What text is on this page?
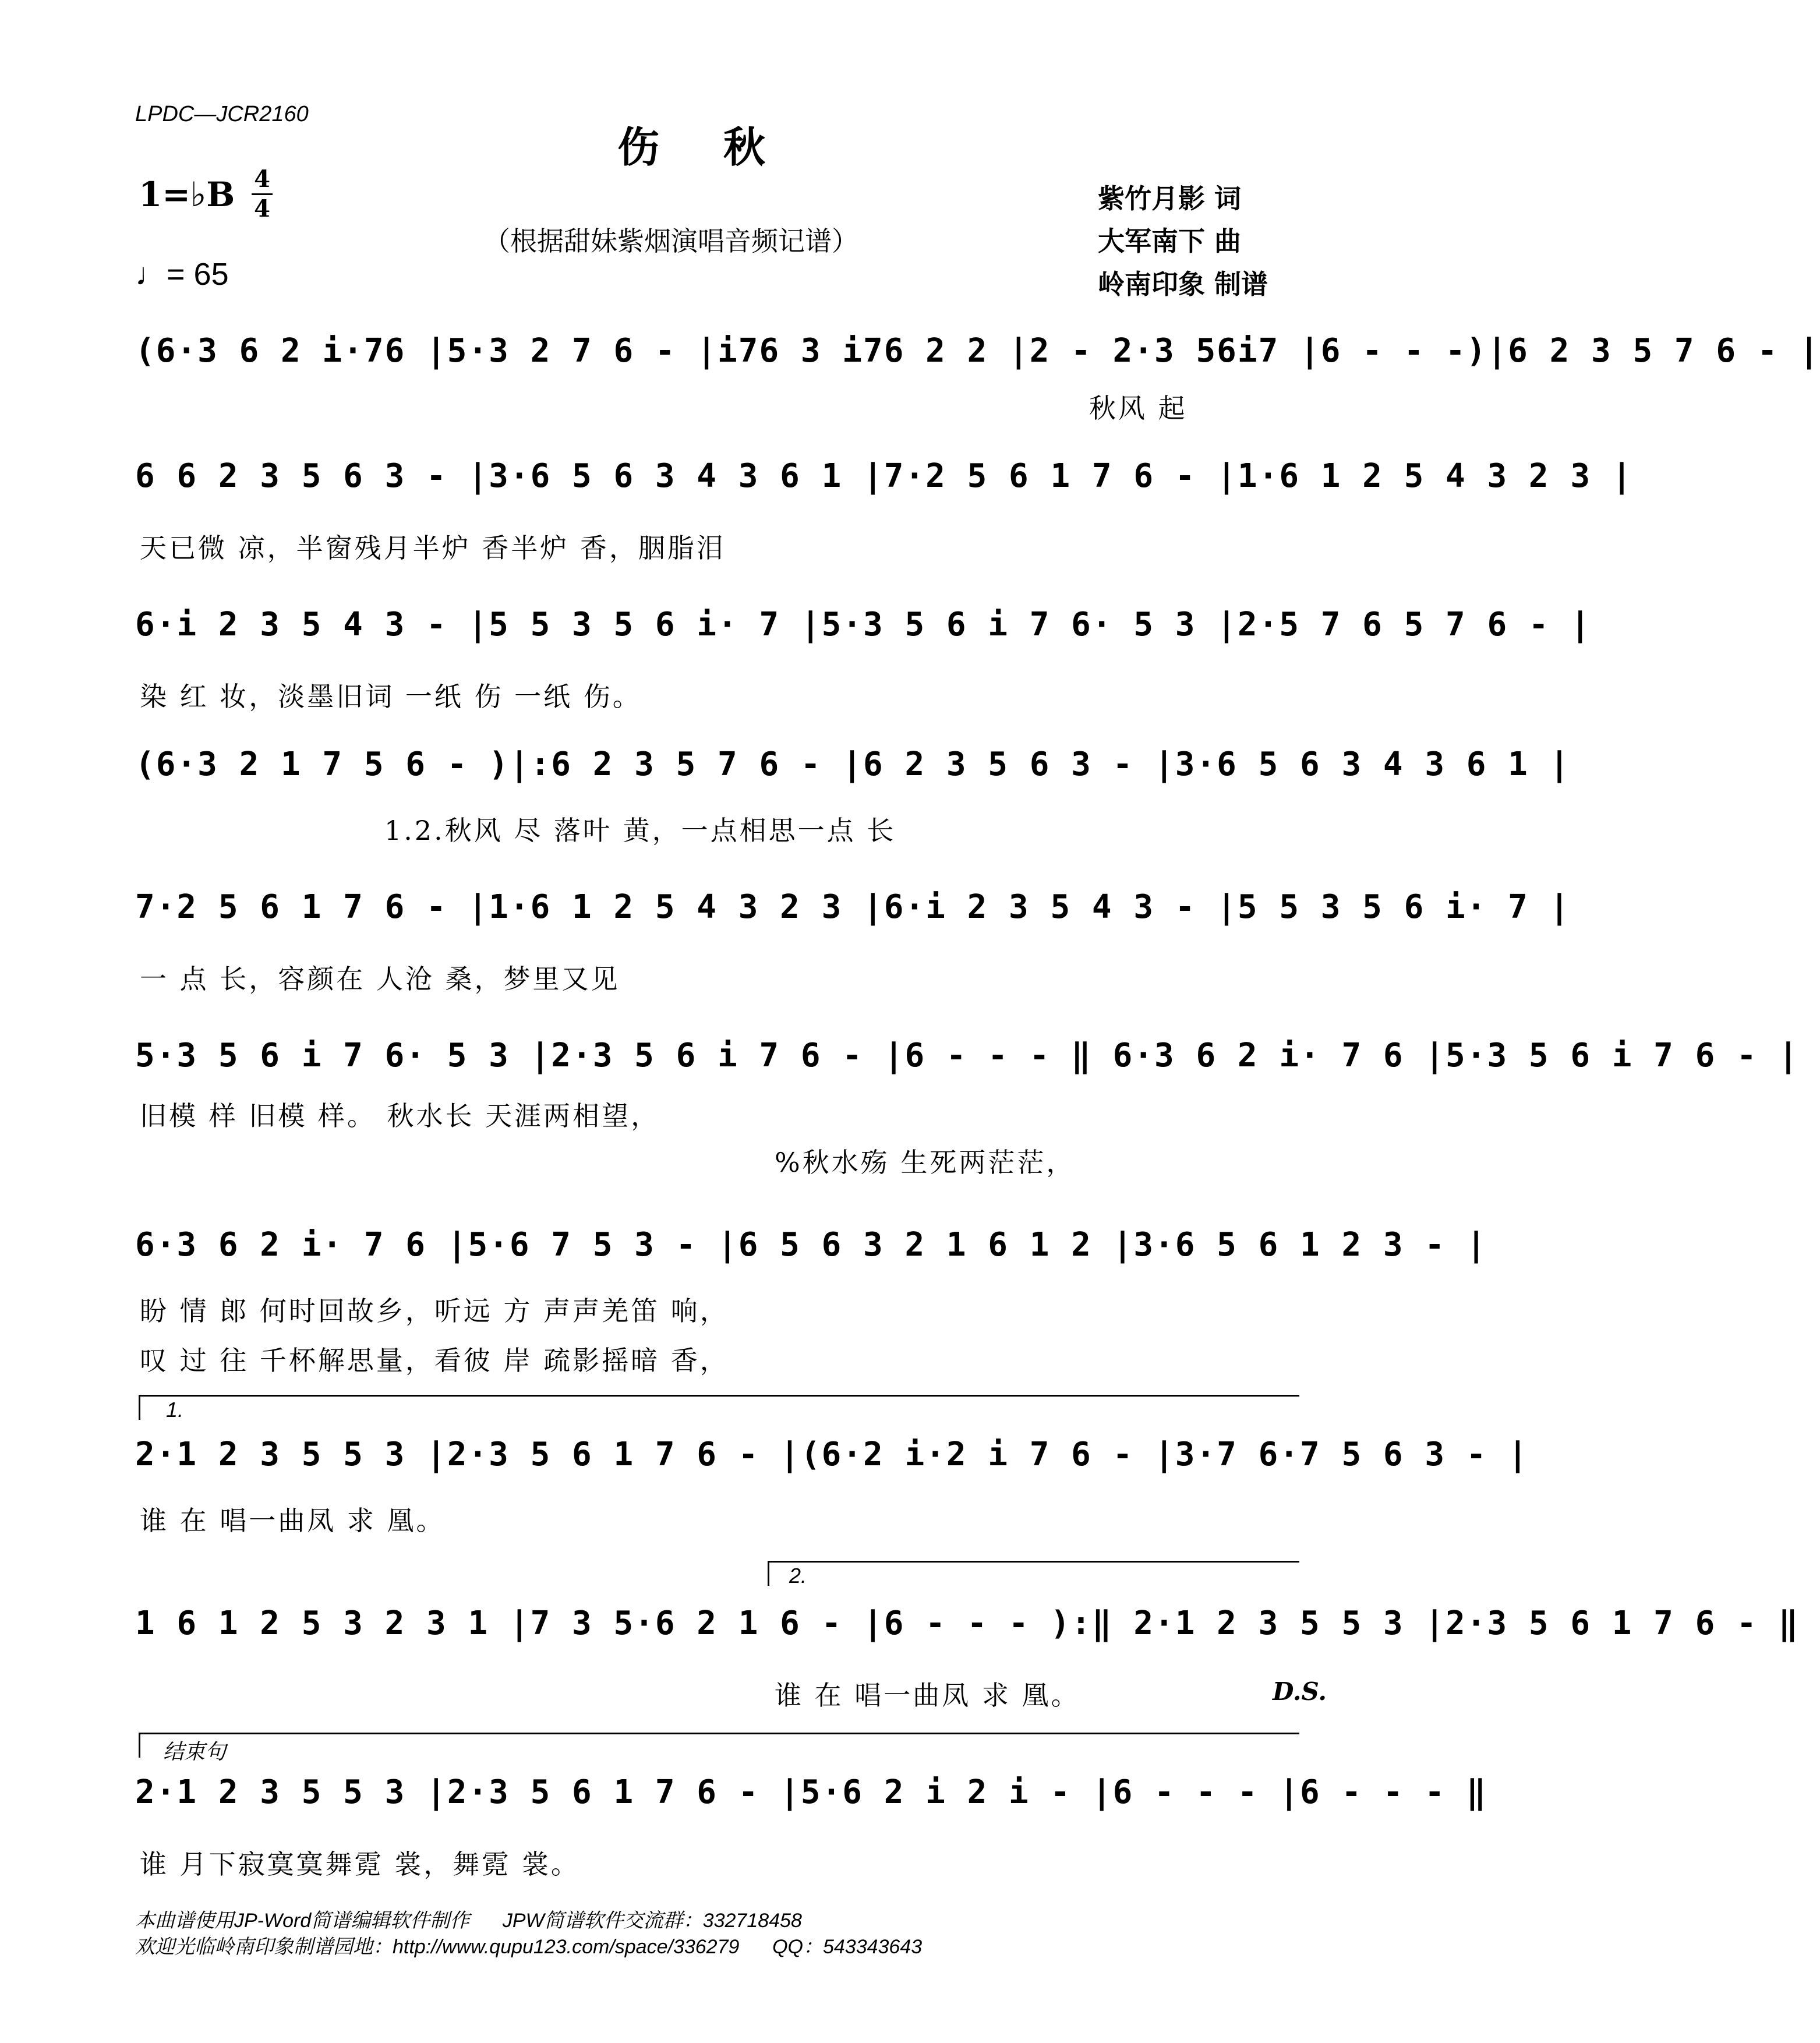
LPDC—JCR2160
伤秋
（根据甜妹紫烟演唱音频记谱）
1=♭B 4
4
♩= 65
紫竹月影 词
大军南下 曲
岭南印象 制谱
(6·3 6 2 i·76 |5·3 2 7 6 - |i76 3 i76 2 2 |2 - 2·3 56i7 |6 - - -)|6 2 3 5 7 6 - |
秋风 起
6 6 2 3 5 6 3 - |3·6 5 6 3 4 3 6 1 |7·2 5 6 1 7 6 - |1·6 1 2 5 4 3 2 3 |
天已微 凉，半窗残月半炉 香半炉 香，胭脂泪
6·i 2 3 5 4 3 - |5 5 3 5 6 i· 7 |5·3 5 6 i 7 6· 5 3 |2·5 7 6 5 7 6 - |
染 红 妆，淡墨旧词 一纸 伤 一纸 伤。
(6·3 2 1 7 5 6 - )|:6 2 3 5 7 6 - |6 2 3 5 6 3 - |3·6 5 6 3 4 3 6 1 |
1.2.秋风 尽 落叶 黄，一点相思一点 长
7·2 5 6 1 7 6 - |1·6 1 2 5 4 3 2 3 |6·i 2 3 5 4 3 - |5 5 3 5 6 i· 7 |
一 点 长，容颜在 人沧 桑，梦里又见
5·3 5 6 i 7 6· 5 3 |2·3 5 6 i 7 6 - |6 - - - ‖ 6·3 6 2 i· 7 6 |5·3 5 6 i 7 6 - |
旧模 样 旧模 样。 秋水长 天涯两相望，
%秋水殇 生死两茫茫，
6·3 6 2 i· 7 6 |5·6 7 5 3 - |6 5 6 3 2 1 6 1 2 |3·6 5 6 1 2 3 - |
盼 情 郎 何时回故乡，听远 方 声声羌笛 响，
叹 过 往 千杯解思量，看彼 岸 疏影摇暗 香，
1.
2·1 2 3 5 5 3 |2·3 5 6 1 7 6 - |(6·2 i·2 i 7 6 - |3·7 6·7 5 6 3 - |
谁 在 唱一曲凤 求 凰。
2.
1 6 1 2 5 3 2 3 1 |7 3 5·6 2 1 6 - |6 - - - ):‖ 2·1 2 3 5 5 3 |2·3 5 6 1 7 6 - ‖
谁 在 唱一曲凤 求 凰。	D.S.
结束句
2·1 2 3 5 5 3 |2·3 5 6 1 7 6 - |5·6 2 i 2 i - |6 - - - |6 - - - ‖
谁 月下寂寞寞舞霓 裳，舞霓 裳。
本曲谱使用JP-Word简谱编辑软件制作      JPW简谱软件交流群：332718458
欢迎光临岭南印象制谱园地：http://www.qupu123.com/space/336279      QQ：543343643
